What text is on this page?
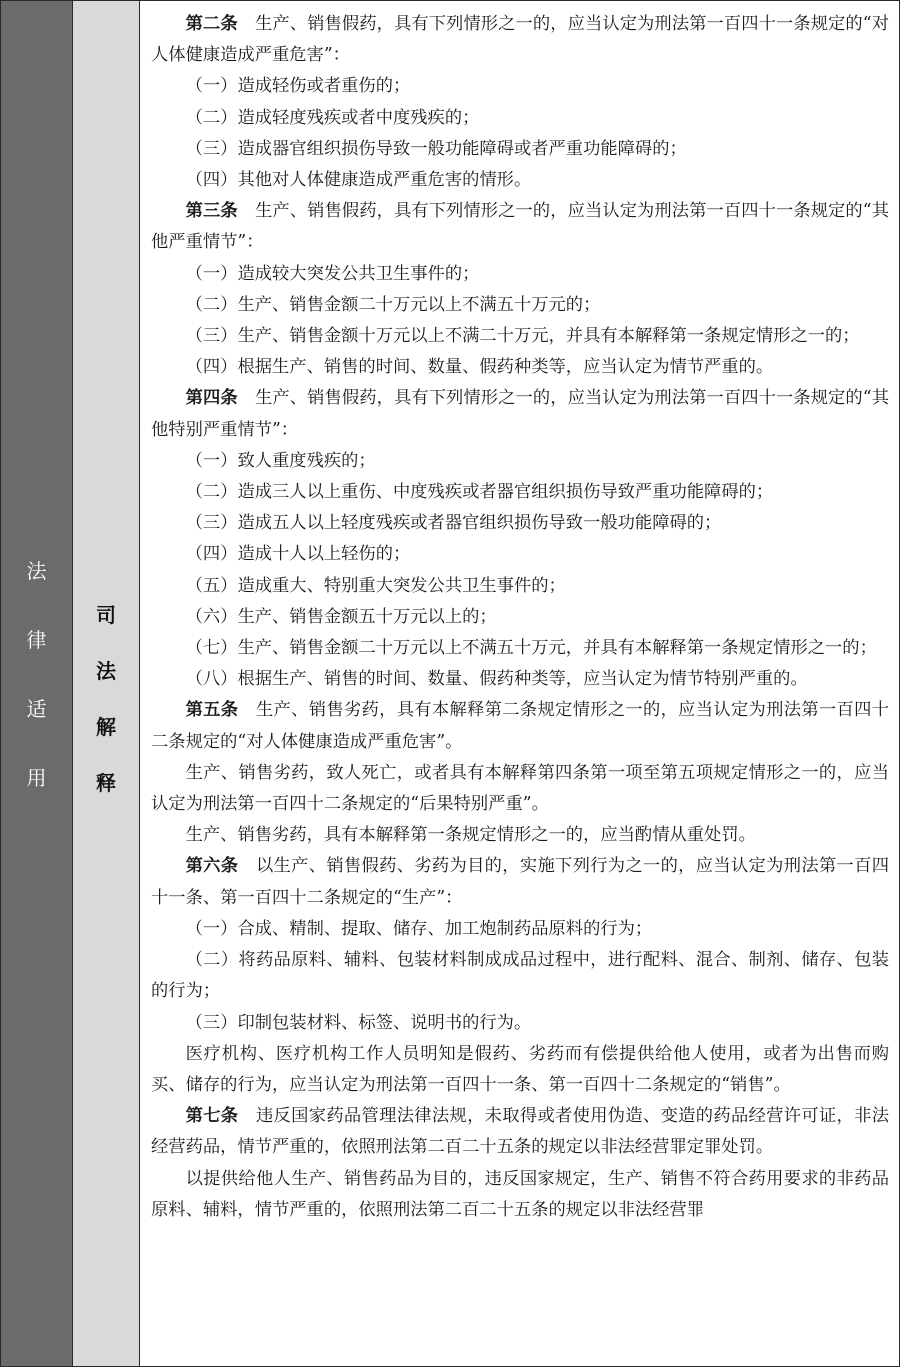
法
律
适
用
司
法
解
释

第二条　生产、销售假药，具有下列情形之一的，应当认定为刑法第一百四十一条规定的“对人体健康造成严重危害”：

（一）造成轻伤或者重伤的；

（二）造成轻度残疾或者中度残疾的；

（三）造成器官组织损伤导致一般功能障碍或者严重功能障碍的；

（四）其他对人体健康造成严重危害的情形。

第三条　生产、销售假药，具有下列情形之一的，应当认定为刑法第一百四十一条规定的“其他严重情节”：

（一）造成较大突发公共卫生事件的；

（二）生产、销售金额二十万元以上不满五十万元的；

（三）生产、销售金额十万元以上不满二十万元，并具有本解释第一条规定情形之一的；

（四）根据生产、销售的时间、数量、假药种类等，应当认定为情节严重的。

第四条　生产、销售假药，具有下列情形之一的，应当认定为刑法第一百四十一条规定的“其他特别严重情节”：

（一）致人重度残疾的；

（二）造成三人以上重伤、中度残疾或者器官组织损伤导致严重功能障碍的；

（三）造成五人以上轻度残疾或者器官组织损伤导致一般功能障碍的；

（四）造成十人以上轻伤的；

（五）造成重大、特别重大突发公共卫生事件的；

（六）生产、销售金额五十万元以上的；

（七）生产、销售金额二十万元以上不满五十万元，并具有本解释第一条规定情形之一的；

（八）根据生产、销售的时间、数量、假药种类等，应当认定为情节特别严重的。

第五条　生产、销售劣药，具有本解释第二条规定情形之一的，应当认定为刑法第一百四十二条规定的“对人体健康造成严重危害”。

生产、销售劣药，致人死亡，或者具有本解释第四条第一项至第五项规定情形之一的，应当认定为刑法第一百四十二条规定的“后果特别严重”。

生产、销售劣药，具有本解释第一条规定情形之一的，应当酌情从重处罚。

第六条　以生产、销售假药、劣药为目的，实施下列行为之一的，应当认定为刑法第一百四十一条、第一百四十二条规定的“生产”：

（一）合成、精制、提取、储存、加工炮制药品原料的行为；

（二）将药品原料、辅料、包装材料制成成品过程中，进行配料、混合、制剂、储存、包装的行为；

（三）印制包装材料、标签、说明书的行为。

医疗机构、医疗机构工作人员明知是假药、劣药而有偿提供给他人使用，或者为出售而购买、储存的行为，应当认定为刑法第一百四十一条、第一百四十二条规定的“销售”。

第七条　违反国家药品管理法律法规，未取得或者使用伪造、变造的药品经营许可证，非法经营药品，情节严重的，依照刑法第二百二十五条的规定以非法经营罪定罪处罚。

以提供给他人生产、销售药品为目的，违反国家规定，生产、销售不符合药用要求的非药品原料、辅料，情节严重的，依照刑法第二百二十五条的规定以非法经营罪
